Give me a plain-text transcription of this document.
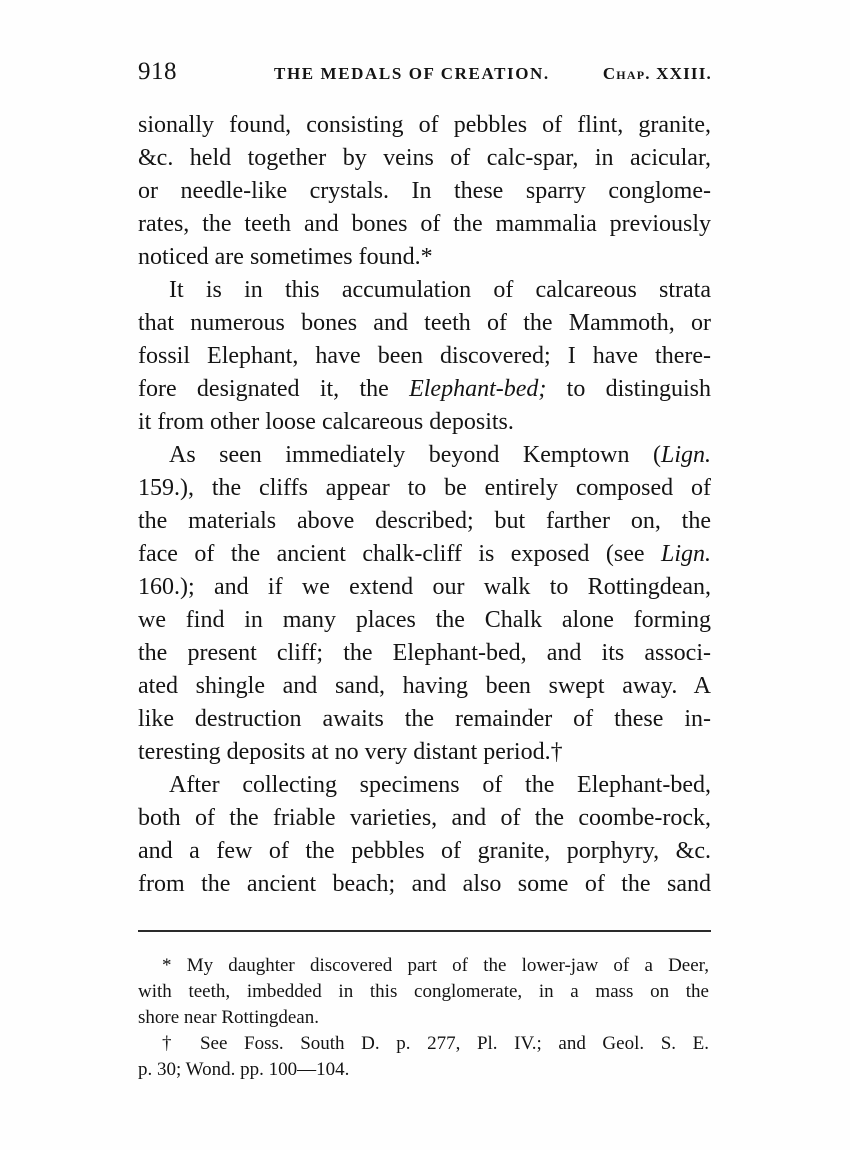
918	THE MEDALS OF CREATION.	Chap. XXIII.
sionally found, consisting of pebbles of flint, granite,
&c. held together by veins of calc-spar, in acicular,
or needle-like crystals. In these sparry conglome-
rates, the teeth and bones of the mammalia previously
noticed are sometimes found.*
It is in this accumulation of calcareous strata
that numerous bones and teeth of the Mammoth, or
fossil Elephant, have been discovered; I have there-
fore designated it, the Elephant-bed; to distinguish
it from other loose calcareous deposits.
As seen immediately beyond Kemptown (Lign.
159.), the cliffs appear to be entirely composed of
the materials above described; but farther on, the
face of the ancient chalk-cliff is exposed (see Lign.
160.); and if we extend our walk to Rottingdean,
we find in many places the Chalk alone forming
the present cliff; the Elephant-bed, and its associ-
ated shingle and sand, having been swept away. A
like destruction awaits the remainder of these in-
teresting deposits at no very distant period.†
After collecting specimens of the Elephant-bed,
both of the friable varieties, and of the coombe-rock,
and a few of the pebbles of granite, porphyry, &c.
from the ancient beach; and also some of the sand
* My daughter discovered part of the lower-jaw of a Deer,
with teeth, imbedded in this conglomerate, in a mass on the
shore near Rottingdean.
† See Foss. South D. p. 277, Pl. IV.; and Geol. S. E.
p. 30; Wond. pp. 100—104.
